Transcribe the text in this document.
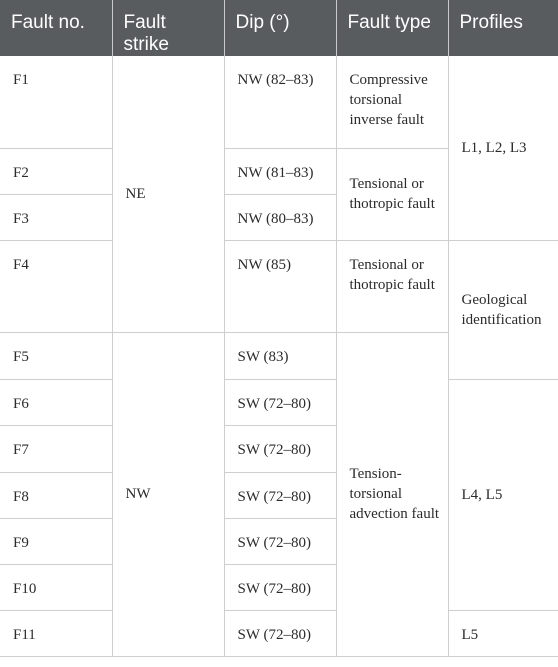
Fault no.	Fault strike	Dip (°)	Fault type	Profiles
F1	NE	NW (82–83)	Compressive torsional inverse fault	L1, L2, L3
F2		NW (81–83)	Tensional or thotropic fault	
F3		NW (80–83)		
F4		NW (85)	Tensional or thotropic fault	Geological identification
F5	NW	SW (83)	Tension-torsional advection fault	
F6		SW (72–80)		L4, L5
F7		SW (72–80)		
F8		SW (72–80)		
F9		SW (72–80)		
F10		SW (72–80)		
F11		SW (72–80)		L5
